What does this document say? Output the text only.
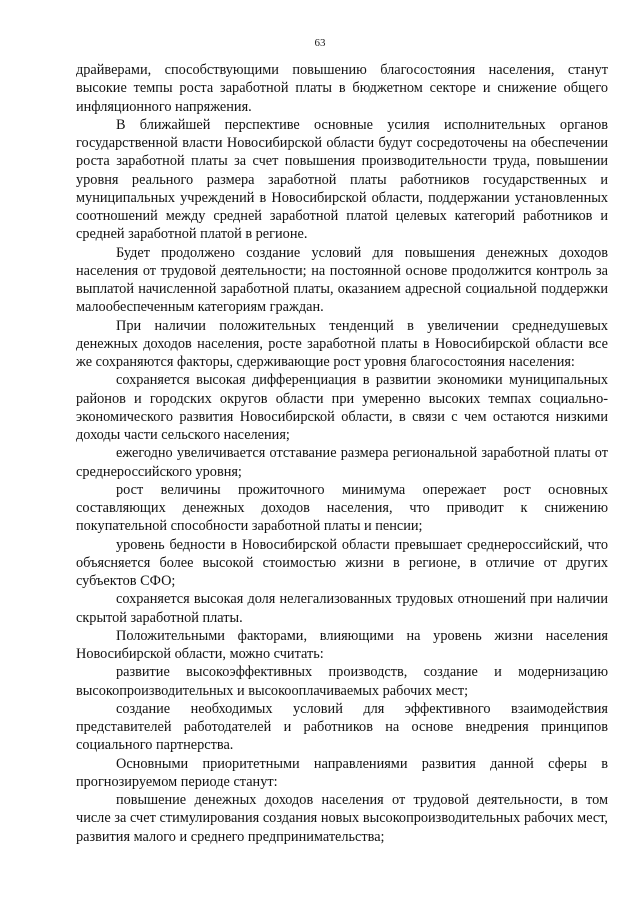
63

драйверами, способствующими повышению благосостояния населения, станут высокие темпы роста заработной платы в бюджетном секторе и снижение общего инфляционного напряжения.

В ближайшей перспективе основные усилия исполнительных органов государственной власти Новосибирской области будут сосредоточены на обеспечении роста заработной платы за счет повышения производительности труда, повышении уровня реального размера заработной платы работников государственных и муниципальных учреждений в Новосибирской области, поддержании установленных соотношений между средней заработной платой целевых категорий работников и средней заработной платой в регионе.

Будет продолжено создание условий для повышения денежных доходов населения от трудовой деятельности; на постоянной основе продолжится контроль за выплатой начисленной заработной платы, оказанием адресной социальной поддержки малообеспеченным категориям граждан.

При наличии положительных тенденций в увеличении среднедушевых денежных доходов населения, росте заработной платы в Новосибирской области все же сохраняются факторы, сдерживающие рост уровня благосостояния населения:

сохраняется высокая дифференциация в развитии экономики муниципальных районов и городских округов области при умеренно высоких темпах социально-экономического развития Новосибирской области, в связи с чем остаются низкими доходы части сельского населения;

ежегодно увеличивается отставание размера региональной заработной платы от среднероссийского уровня;

рост величины прожиточного минимума опережает рост основных составляющих денежных доходов населения, что приводит к снижению покупательной способности заработной платы и пенсии;

уровень бедности в Новосибирской области превышает среднероссийский, что объясняется более высокой стоимостью жизни в регионе, в отличие от других субъектов СФО;

сохраняется высокая доля нелегализованных трудовых отношений при наличии скрытой заработной платы.

Положительными факторами, влияющими на уровень жизни населения Новосибирской области, можно считать:

развитие высокоэффективных производств, создание и модернизацию высокопроизводительных и высокооплачиваемых рабочих мест;

создание необходимых условий для эффективного взаимодействия представителей работодателей и работников на основе внедрения принципов социального партнерства.

Основными приоритетными направлениями развития данной сферы в прогнозируемом периоде станут:

повышение денежных доходов населения от трудовой деятельности, в том числе за счет стимулирования создания новых высокопроизводительных рабочих мест, развития малого и среднего предпринимательства;
